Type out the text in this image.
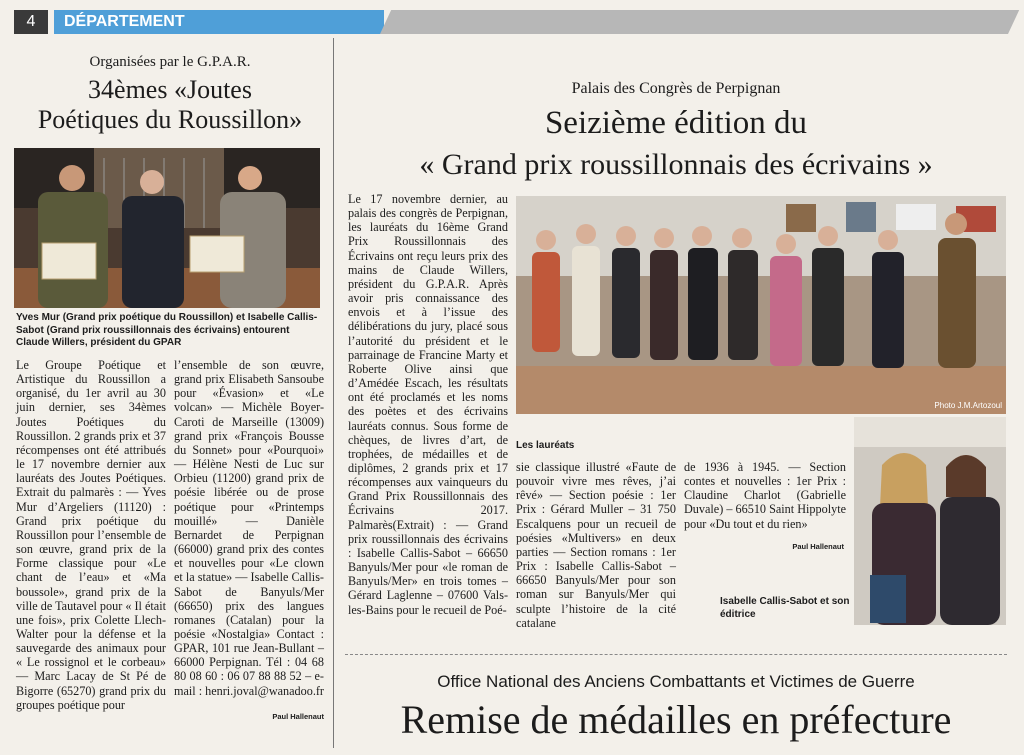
4	DÉPARTEMENT
Organisées par le G.P.A.R.
34èmes «Joutes
Poétiques du Roussillon»
Yves Mur (Grand prix poétique du Roussillon) et Isabelle Callis-Sabot (Grand prix roussillonnais des écrivains) entourent Claude Willers, président du GPAR
Le Groupe Poétique et Artistique du Roussillon a organisé, du 1er avril au 30 juin dernier, ses 34èmes Joutes Poétiques du Roussillon. 2 grands prix et 37 récompenses ont été attribués le 17 novembre dernier aux lauréats des Joutes Poétiques. Extrait du palmarès : — Yves Mur d’Argeliers (11120) : Grand prix poétique du Roussillon pour l’ensemble de son œuvre, grand prix de la Forme classique pour «Le chant de l’eau» et «Ma boussole», grand prix de la ville de Tautavel pour « Il était une fois», prix Colette Llech-Walter pour la défense et la sauvegarde des animaux pour « Le rossignol et le corbeau» — Marc Lacay de St Pé de Bigorre (65270) grand prix du groupes poétique pour
l’ensemble de son œuvre, grand prix Elisabeth Sansoube pour «Évasion» et «Le volcan» — Michèle Boyer-Caroti de Marseille (13009) grand prix «François Bousse du Sonnet» pour «Pourquoi» — Hélène Nesti de Luc sur Orbieu (11200) grand prix de poésie libérée ou de prose poétique pour «Printemps mouillé» — Danièle Bernardet de Perpignan (66000) grand prix des contes et nouvelles pour «Le clown et la statue» — Isabelle Callis-Sabot de Banyuls/Mer (66650) prix des langues romanes (Catalan) pour la poésie «Nostalgia» Contact : GPAR, 101 rue Jean-Bullant – 66000 Perpignan. Tél : 04 68 80 08 60 : 06 07 88 88 52 – e-mail : henri.joval@wanadoo.fr
Paul Hallenaut
Palais des Congrès de Perpignan
Seizième édition du
« Grand prix roussillonnais des écrivains »
Le 17 novembre dernier, au palais des congrès de Perpignan, les lauréats du 16ème Grand Prix Roussillonnais des Écrivains ont reçu leurs prix des mains de Claude Willers, président du G.P.A.R. Après avoir pris connaissance des envois et à l’issue des délibérations du jury, placé sous l’autorité du président et le parrainage de Francine Marty et Roberte Olive ainsi que d’Amédée Escach, les résultats ont été proclamés et les noms des poètes et des écrivains lauréats connus. Sous forme de chèques, de livres d’art, de trophées, de médailles et de diplômes, 2 grands prix et 17 récompenses aux vainqueurs du Grand Prix Roussillonnais des Écrivains 2017. Palmarès(Extrait) : — Grand prix roussillonnais des écrivains : Isabelle Callis-Sabot – 66650 Banyuls/Mer pour «le roman de Banyuls/Mer» en trois tomes – Gérard Laglenne – 07600 Vals-les-Bains pour le recueil de Poé-
Photo J.M.Artozoul
Les lauréats
sie classique illustré «Faute de pouvoir vivre mes rêves, j’ai rêvé» — Section poésie : 1er Prix : Gérard Muller – 31 750 Escalquens pour un recueil de poésies «Multivers» en deux parties — Section romans : 1er Prix : Isabelle Callis-Sabot – 66650 Banyuls/Mer pour son roman sur Banyuls/Mer qui sculpte l’histoire de la cité catalane
de 1936 à 1945. — Section contes et nouvelles : 1er Prix : Claudine Charlot (Gabrielle Duvale) – 66510 Saint Hippolyte pour «Du tout et du rien»
Paul Hallenaut
Isabelle Callis-Sabot et son éditrice
Office National des Anciens Combattants et Victimes de Guerre
Remise de médailles en préfecture
